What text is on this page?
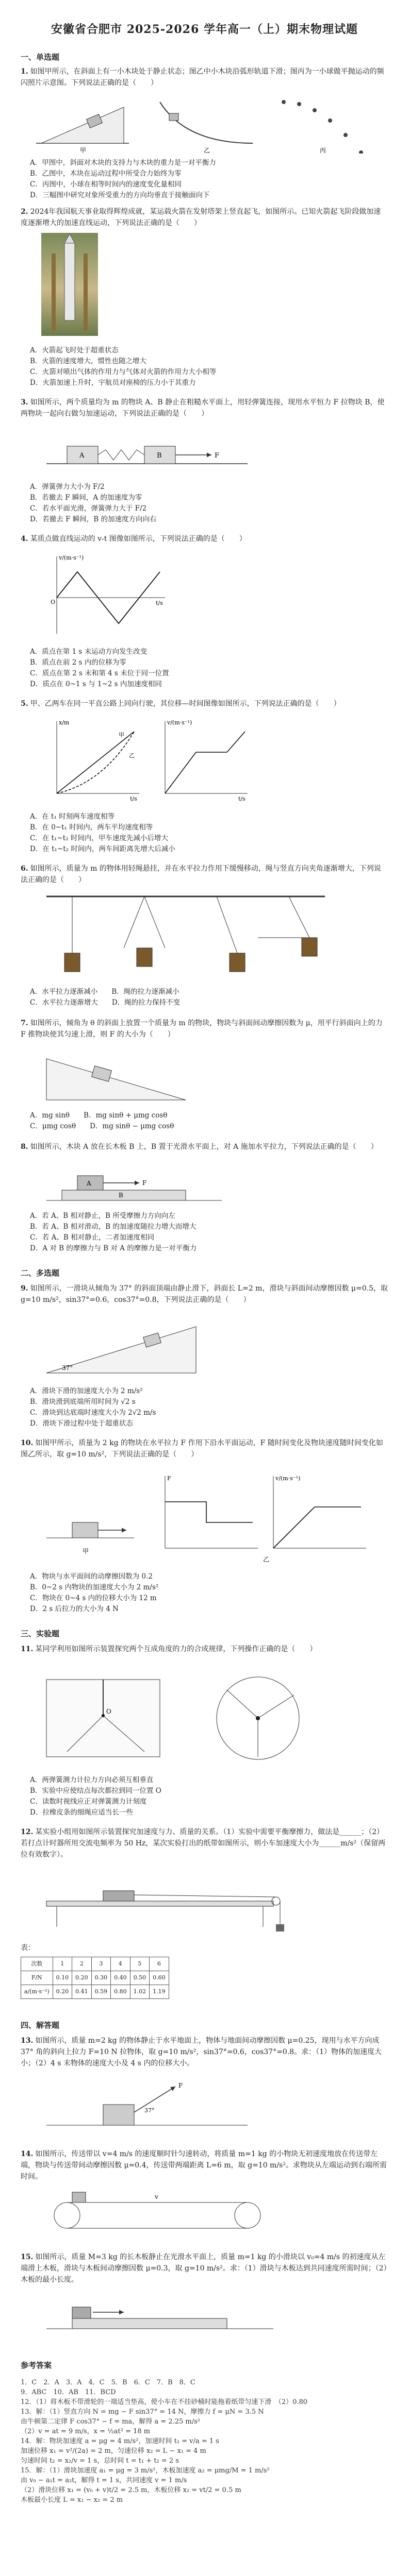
安徽省合肥市 2025-2026 学年高一（上）期末物理试题
一、单选题
1. 如图甲所示，在斜面上有一小木块处于静止状态；图乙中小木块沿弧形轨道下滑；图丙为一小球做平抛运动的频闪照片示意图。下列说法正确的是（　　）
甲	乙	丙
A．甲图中，斜面对木块的支持力与木块的重力是一对平衡力
B．乙图中，木块在运动过程中所受合力始终为零
C．丙图中，小球在相等时间内的速度变化量相同
D．三幅图中研究对象所受重力的方向均垂直于接触面向下
2. 2024年我国航天事业取得辉煌成就，某运载火箭在发射塔架上竖直起飞，如图所示。已知火箭起飞阶段做加速度逐渐增大的加速直线运动，下列说法正确的是（　　）
A．火箭起飞时处于超重状态
B．火箭的速度增大，惯性也随之增大
C．火箭对喷出气体的作用力与气体对火箭的作用力大小相等
D．火箭加速上升时，宇航员对座椅的压力小于其重力
3. 如图所示，两个质量均为 m 的物块 A、B 静止在粗糙水平面上，用轻弹簧连接，现用水平恒力 F 拉物块 B，使两物块一起向右做匀加速运动，下列说法正确的是（　　）
A	B	F
A．弹簧弹力大小为 F/2
B．若撤去 F 瞬间，A 的加速度为零
C．若水平面光滑，弹簧弹力大于 F/2
D．若撤去 F 瞬间，B 的加速度方向向右
4. 某质点做直线运动的 v-t 图像如图所示，下列说法正确的是（　　）
v/(m·s⁻¹)
t/s
O
A．质点在第 1 s 末运动方向发生改变
B．质点在前 2 s 内的位移为零
C．质点在第 2 s 末和第 4 s 末位于同一位置
D．质点在 0~1 s 与 1~2 s 内加速度相同
5. 甲、乙两车在同一平直公路上同向行驶，其位移—时间图像如图所示，下列说法正确的是（　　）
x/m
t/s
甲
乙
v/(m·s⁻¹)
t/s
A．在 t₁ 时刻两车速度相等
B．在 0~t₁ 时间内，两车平均速度相等
C．在 t₁~t₂ 时间内，甲车速度先减小后增大
D．在 t₁~t₂ 时间内，两车间距离先增大后减小
6. 如图所示，质量为 m 的物体用轻绳悬挂，并在水平拉力作用下缓慢移动，绳与竖直方向夹角逐渐增大，下列说法正确的是（　　）
A．水平拉力逐渐减小　　B．绳的拉力逐渐减小
C．水平拉力逐渐增大　　D．绳的拉力保持不变
7. 如图所示，倾角为 θ 的斜面上放置一个质量为 m 的物块，物块与斜面间动摩擦因数为 μ，用平行斜面向上的力 F 推物块使其匀速上滑，则 F 的大小为（　　）
A．mg sinθ　　B．mg sinθ + μmg cosθ
C．μmg cosθ　　D．mg sinθ − μmg cosθ
8. 如图所示，木块 A 放在长木板 B 上，B 置于光滑水平面上，对 A 施加水平拉力，下列说法正确的是（　　）
A
B
F
A．若 A、B 相对静止，B 所受摩擦力方向向左
B．若 A、B 相对滑动，B 的加速度随拉力增大而增大
C．若 A、B 相对静止，二者加速度相同
D．A 对 B 的摩擦力与 B 对 A 的摩擦力是一对平衡力
二、多选题
9. 如图所示，一滑块从倾角为 37° 的斜面顶端由静止滑下，斜面长 L=2 m，滑块与斜面间动摩擦因数 μ=0.5，取 g=10 m/s²，sin37°=0.6，cos37°=0.8，下列说法正确的是（　　）
37°
A．滑块下滑的加速度大小为 2 m/s²
B．滑块滑到底端所用时间为 √2 s
C．滑块到达底端时速度大小为 2√2 m/s
D．滑块下滑过程中处于超重状态
10. 如图甲所示，质量为 2 kg 的物块在水平拉力 F 作用下沿水平面运动，F 随时间变化及物块速度随时间变化如图乙所示，取 g=10 m/s²，下列说法正确的是（　　）
甲
F	v/(m·s⁻¹)
乙
A．物块与水平面间的动摩擦因数为 0.2
B．0~2 s 内物块的加速度大小为 2 m/s²
C．物块在 0~4 s 内的位移大小为 12 m
D．2 s 后拉力的大小为 4 N
三、实验题
11. 某同学利用如图所示装置探究两个互成角度的力的合成规律，下列操作正确的是（　　）
O
A．两弹簧测力计拉力方向必须互相垂直
B．实验中应使结点每次都拉到同一位置 O
C．读数时视线应正对弹簧测力计刻度
D．拉橡皮条的细绳应适当长一些
12. 某实验小组用如图所示装置探究加速度与力、质量的关系。（1）实验中需要平衡摩擦力，做法是______；（2）若打点计时器所用交流电频率为 50 Hz，某次实验打出的纸带如图所示，则小车加速度大小为______m/s²（保留两位有效数字）。
表：
次数	1	2	3	4	5	6
F/N	0.10	0.20	0.30	0.40	0.50	0.60
a/(m·s⁻²)	0.20	0.41	0.59	0.80	1.02	1.19
四、解答题
13. 如图所示，质量 m=2 kg 的物体静止于水平地面上，物体与地面间动摩擦因数 μ=0.25，现用与水平方向成 37° 角的斜向上拉力 F=10 N 拉物体，取 g=10 m/s²，sin37°=0.6，cos37°=0.8。求：（1）物体的加速度大小；（2）4 s 末物体的速度大小及 4 s 内的位移大小。
F
37°
14. 如图所示，传送带以 v=4 m/s 的速度顺时针匀速转动，将质量 m=1 kg 的小物块无初速度地放在传送带左端，物块与传送带间动摩擦因数 μ=0.4，传送带两端距离 L=6 m，取 g=10 m/s²。求物块从左端运动到右端所需时间。
v
15. 如图所示，质量 M=3 kg 的长木板静止在光滑水平面上，质量 m=1 kg 的小滑块以 v₀=4 m/s 的初速度从左端滑上木板，滑块与木板间动摩擦因数 μ=0.3，取 g=10 m/s²。求：（1）滑块与木板达到共同速度所需时间；（2）木板的最小长度。
参考答案
1．C　2．A　3．A　4．C　5．B　6．C　7．B　8．C
9．ABC　10．AB　11．BCD
12．（1）将木板不带滑轮的一端适当垫高，使小车在不挂砂桶时能拖着纸带匀速下滑　（2）0.80
13．解：（1）竖直方向 N = mg − F sin37° = 14 N，摩擦力 f = μN = 3.5 N
由牛顿第二定律 F cos37° − f = ma，解得 a = 2.25 m/s²
（2）v = at = 9 m/s，x = ½at² = 18 m
14．解：物块加速度 a = μg = 4 m/s²，加速时间 t₁ = v/a = 1 s
加速位移 x₁ = v²/(2a) = 2 m，匀速位移 x₂ = L − x₁ = 4 m
匀速时间 t₂ = x₂/v = 1 s，总时间 t = t₁ + t₂ = 2 s
15．解：（1）滑块加速度 a₁ = μg = 3 m/s²，木板加速度 a₂ = μmg/M = 1 m/s²
由 v₀ − a₁t = a₂t，解得 t = 1 s，共同速度 v = 1 m/s
（2）滑块位移 x₁ = (v₀ + v)t/2 = 2.5 m，木板位移 x₂ = vt/2 = 0.5 m
木板最小长度 L = x₁ − x₂ = 2 m
